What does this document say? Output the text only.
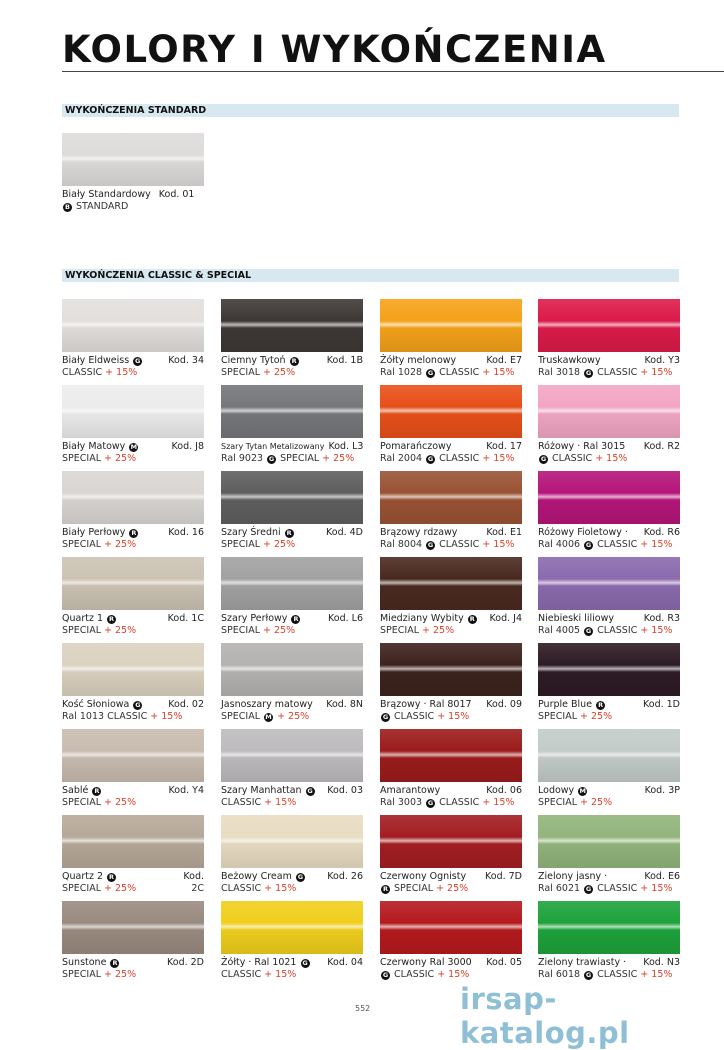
KOLORY I WYKOŃCZENIA
WYKOŃCZENIA STANDARD
Biały Standardowy Kod. 01
B STANDARD
WYKOŃCZENIA CLASSIC & SPECIAL
Biały Eldweiss G	Kod. 34
CLASSIC + 15%
Biały Matowy M	Kod. J8
SPECIAL + 25%
Biały Perłowy R	Kod. 16
SPECIAL + 25%
Quartz 1 R	Kod. 1C
SPECIAL + 25%
Kość Słoniowa G	Kod. 02
Ral 1013 CLASSIC + 15%
Sablé R	Kod. Y4
SPECIAL + 25%
Quartz 2 R	Kod.
SPECIAL + 25%	2C
Sunstone R	Kod. 2D
SPECIAL + 25%
Ciemny Tytoń R	Kod. 1B
SPECIAL + 25%
Szary Tytan Metalizowany Kod. L3
Ral 9023 G SPECIAL + 25%
Szary Średni R	Kod. 4D
SPECIAL + 25%
Szary Perłowy R	Kod. L6
SPECIAL + 25%
Jasnoszary matowy	Kod. 8N
SPECIAL M + 25%
Szary Manhattan G	Kod. 03
CLASSIC + 15%
Beżowy Cream G	Kod. 26
CLASSIC + 15%
Żółty · Ral 1021 G	Kod. 04
CLASSIC + 15%
Żółty melonowy	Kod. E7
Ral 1028 G CLASSIC + 15%
Pomarańczowy	Kod. 17
Ral 2004 G CLASSIC + 15%
Brązowy rdzawy	Kod. E1
Ral 8004 G CLASSIC + 15%
Miedziany Wybity R	Kod. J4
SPECIAL + 25%
Brązowy · Ral 8017	Kod. 09
G CLASSIC + 15%
Amarantowy	Kod. 06
Ral 3003 G CLASSIC + 15%
Czerwony Ognisty	Kod. 7D
R SPECIAL + 25%
Czerwony Ral 3000	Kod. 05
G CLASSIC + 15%
Truskawkowy	Kod. Y3
Ral 3018 G CLASSIC + 15%
Różowy · Ral 3015	Kod. R2
G CLASSIC + 15%
Różowy Fioletowy ·	Kod. R6
Ral 4006 G CLASSIC + 15%
Niebieski liliowy	Kod. R3
Ral 4005 G CLASSIC + 15%
Purple Blue R	Kod. 1D
SPECIAL + 25%
Lodowy M	Kod. 3P
SPECIAL + 25%
Zielony jasny ·	Kod. E6
Ral 6021 G CLASSIC + 15%
Zielony trawiasty ·	Kod. N3
Ral 6018 G CLASSIC + 15%
552	irsap-katalog.pl
